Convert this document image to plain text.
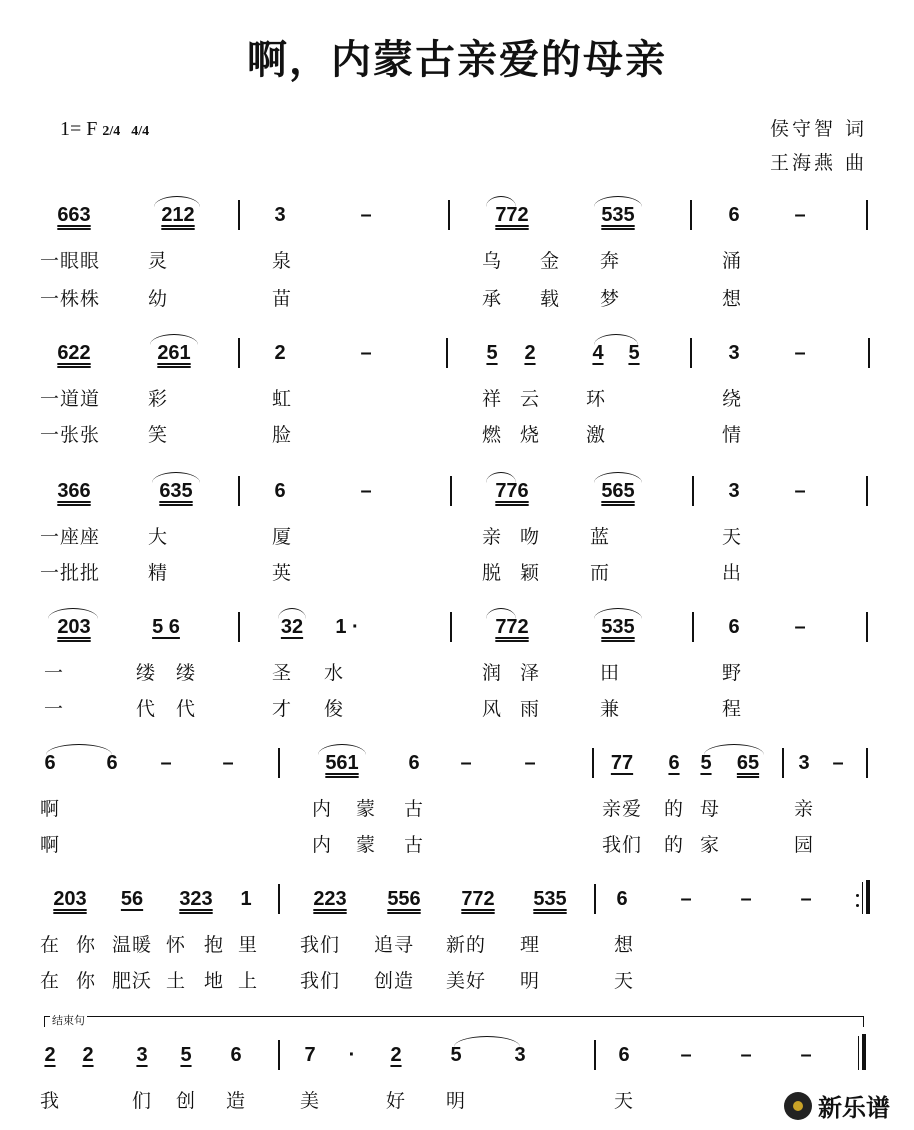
啊，内蒙古亲爱的母亲
1= F 2/4 4/4	侯守智 词
王海燕 曲
663	212	3	–	772	535	6	–
一眼眼	灵	泉	乌 金 奔	涌
一株株	幼	苗	承 载 梦	想
622	261	2	–	5	2	4	5	3	–
一道道	彩	虹	祥 云 环	绕
一张张	笑	脸	燃 烧 激	情
366	635	6	–	776	565	3	–
一座座	大	厦	亲 吻	蓝	天
一批批	精	英	脱 颖	而	出
203	5 6	32	1 ·	772	535	6	–
一	缕 缕	圣 水	润 泽	田	野
一	代 代	才 俊	风 雨	兼	程
6	6 –	–	561	6 –	–	77	6 5	65	3 –
啊	内 蒙 古	亲爱 的 母	亲
啊	内 蒙 古	我们 的 家	园
203	56	323	1	223	556	772	535	6	– – –
在 你 温暖 怀 抱 里 我们 追寻 新的 理	想
在 你 肥沃 土 地 上 我们 创造 美好 明	天
结束句
2 2 3 5 6	7	·	2 5	3	6	– – –
我	们 创 造	美	好 明	天	新乐谱
